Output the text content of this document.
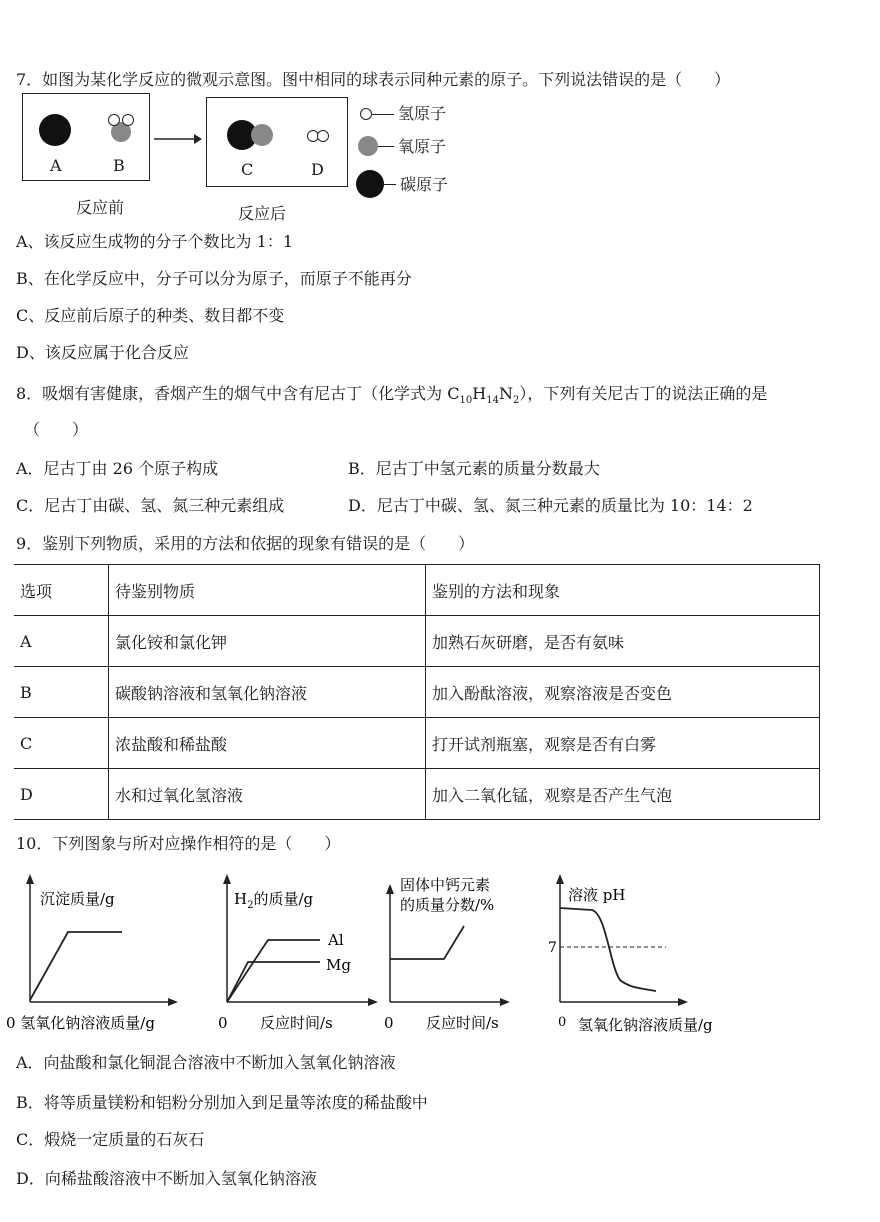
7．如图为某化学反应的微观示意图。图中相同的球表示同种元素的原子。下列说法错误的是（　　）
A	B	C	D
反应前	反应后
氢原子
氧原子
碳原子
A、该反应生成物的分子个数比为 1：1
B、在化学反应中，分子可以分为原子，而原子不能再分
C、反应前后原子的种类、数目都不变
D、该反应属于化合反应
8．吸烟有害健康，香烟产生的烟气中含有尼古丁（化学式为 $C_{10}H_{14}N_2$），下列有关尼古丁的说法正确的是
（　　）
A．尼古丁由 26 个原子构成	B．尼古丁中氢元素的质量分数最大
C．尼古丁由碳、氢、氮三种元素组成	D．尼古丁中碳、氢、氮三种元素的质量比为 10：14：2
9．鉴别下列物质，采用的方法和依据的现象有错误的是（　　）
选项	待鉴别物质	鉴别的方法和现象
A	氯化铵和氯化钾	加熟石灰研磨，是否有氨味
B	碳酸钠溶液和氢氧化钠溶液	加入酚酞溶液，观察溶液是否变色
C	浓盐酸和稀盐酸	打开试剂瓶塞，观察是否有白雾
D	水和过氧化氢溶液	加入二氧化锰，观察是否产生气泡
10．下列图象与所对应操作相符的是（　　）
沉淀质量/g
0 氢氧化钠溶液质量/g
$H_2$的质量/g
Al
Mg
0 反应时间/s
固体中钙元素
的质量分数/%
0 反应时间/s
溶液 pH
7
0 氢氧化钠溶液质量/g
A．向盐酸和氯化铜混合溶液中不断加入氢氧化钠溶液
B．将等质量镁粉和铝粉分别加入到足量等浓度的稀盐酸中
C．煅烧一定质量的石灰石
D．向稀盐酸溶液中不断加入氢氧化钠溶液
